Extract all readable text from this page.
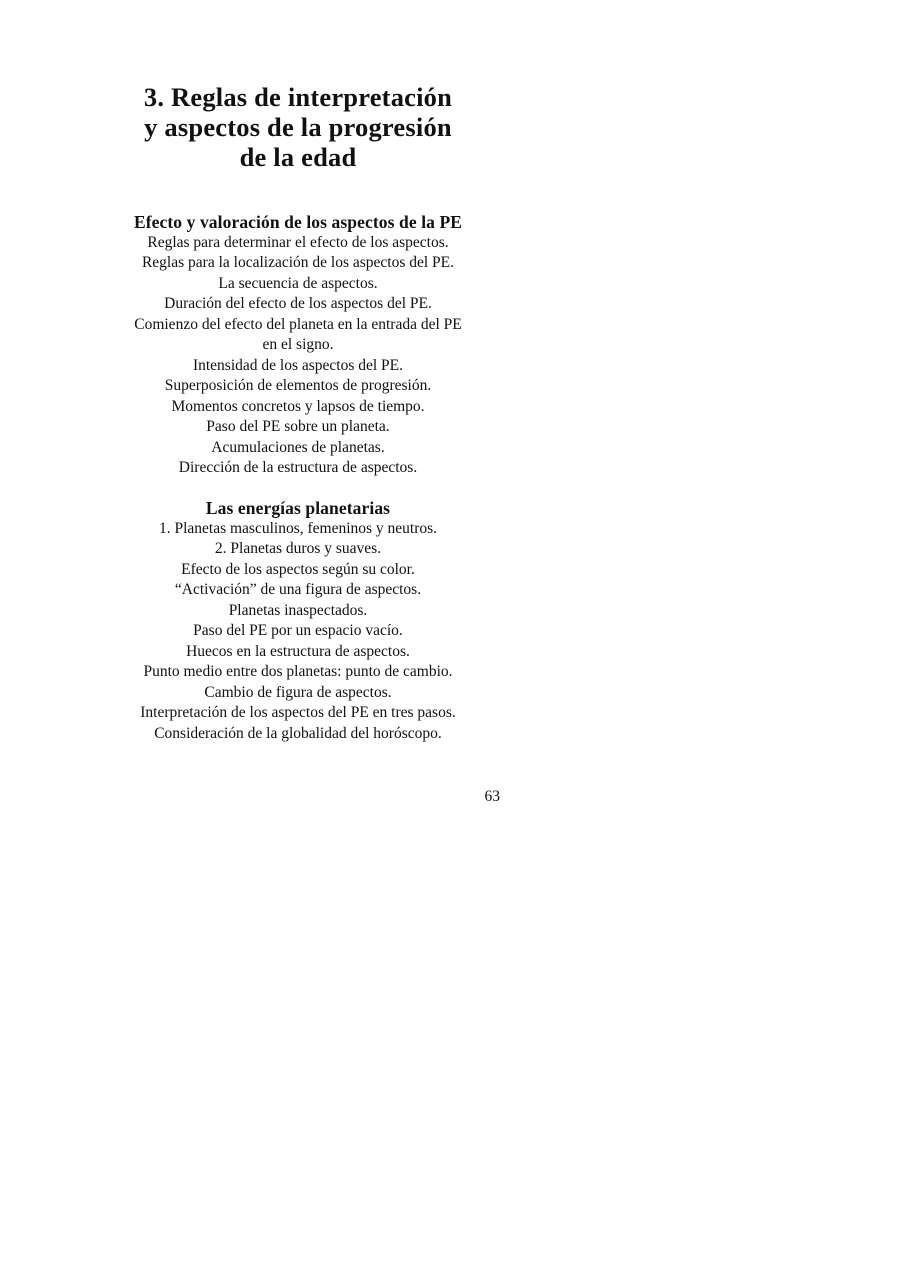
3. Reglas de interpretación
y aspectos de la progresión
de la edad
Efecto y valoración de los aspectos de la PE
Reglas para determinar el efecto de los aspectos.
Reglas para la localización de los aspectos del PE.
La secuencia de aspectos.
Duración del efecto de los aspectos del PE.
Comienzo del efecto del planeta en la entrada del PE
en el signo.
Intensidad de los aspectos del PE.
Superposición de elementos de progresión.
Momentos concretos y lapsos de tiempo.
Paso del PE sobre un planeta.
Acumulaciones de planetas.
Dirección de la estructura de aspectos.
Las energías planetarias
1. Planetas masculinos, femeninos y neutros.
2. Planetas duros y suaves.
Efecto de los aspectos según su color.
“Activación” de una figura de aspectos.
Planetas inaspectados.
Paso del PE por un espacio vacío.
Huecos en la estructura de aspectos.
Punto medio entre dos planetas: punto de cambio.
Cambio de figura de aspectos.
Interpretación de los aspectos del PE en tres pasos.
Consideración de la globalidad del horóscopo.
63
